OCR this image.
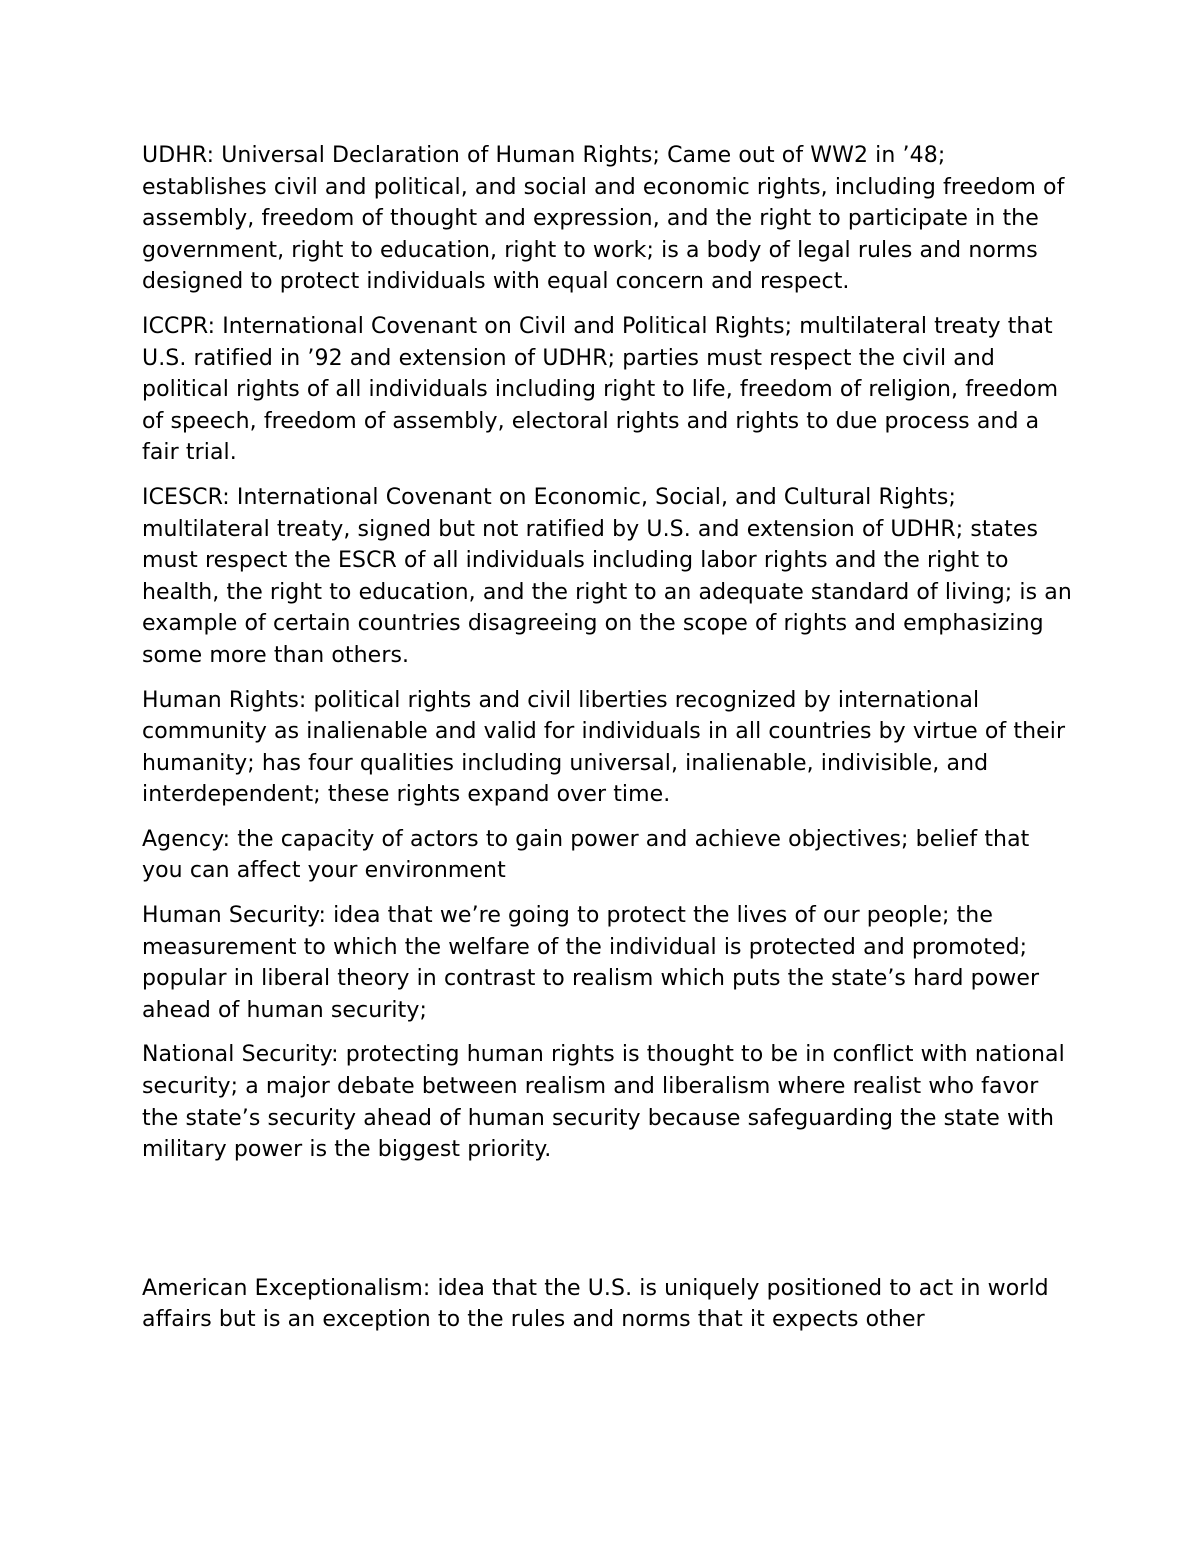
UDHR: Universal Declaration of Human Rights; Came out of WW2 in ’48; establishes civil and political, and social and economic rights, including freedom of assembly, freedom of thought and expression, and the right to participate in the government, right to education, right to work; is a body of legal rules and norms designed to protect individuals with equal concern and respect.

ICCPR: International Covenant on Civil and Political Rights; multilateral treaty that U.S. ratified in ’92 and extension of UDHR; parties must respect the civil and political rights of all individuals including right to life, freedom of religion, freedom of speech, freedom of assembly, electoral rights and rights to due process and a fair trial.

ICESCR: International Covenant on Economic, Social, and Cultural Rights; multilateral treaty, signed but not ratified by U.S. and extension of UDHR; states must respect the ESCR of all individuals including labor rights and the right to health, the right to education, and the right to an adequate standard of living; is an example of certain countries disagreeing on the scope of rights and emphasizing some more than others.

Human Rights: political rights and civil liberties recognized by international community as inalienable and valid for individuals in all countries by virtue of their humanity; has four qualities including universal, inalienable, indivisible, and interdependent; these rights expand over time.

Agency: the capacity of actors to gain power and achieve objectives; belief that you can affect your environment

Human Security: idea that we’re going to protect the lives of our people; the measurement to which the welfare of the individual is protected and promoted; popular in liberal theory in contrast to realism which puts the state’s hard power ahead of human security;

National Security: protecting human rights is thought to be in conflict with national security; a major debate between realism and liberalism where realist who favor the state’s security ahead of human security because safeguarding the state with military power is the biggest priority.

American Exceptionalism: idea that the U.S. is uniquely positioned to act in world affairs but is an exception to the rules and norms that it expects other
